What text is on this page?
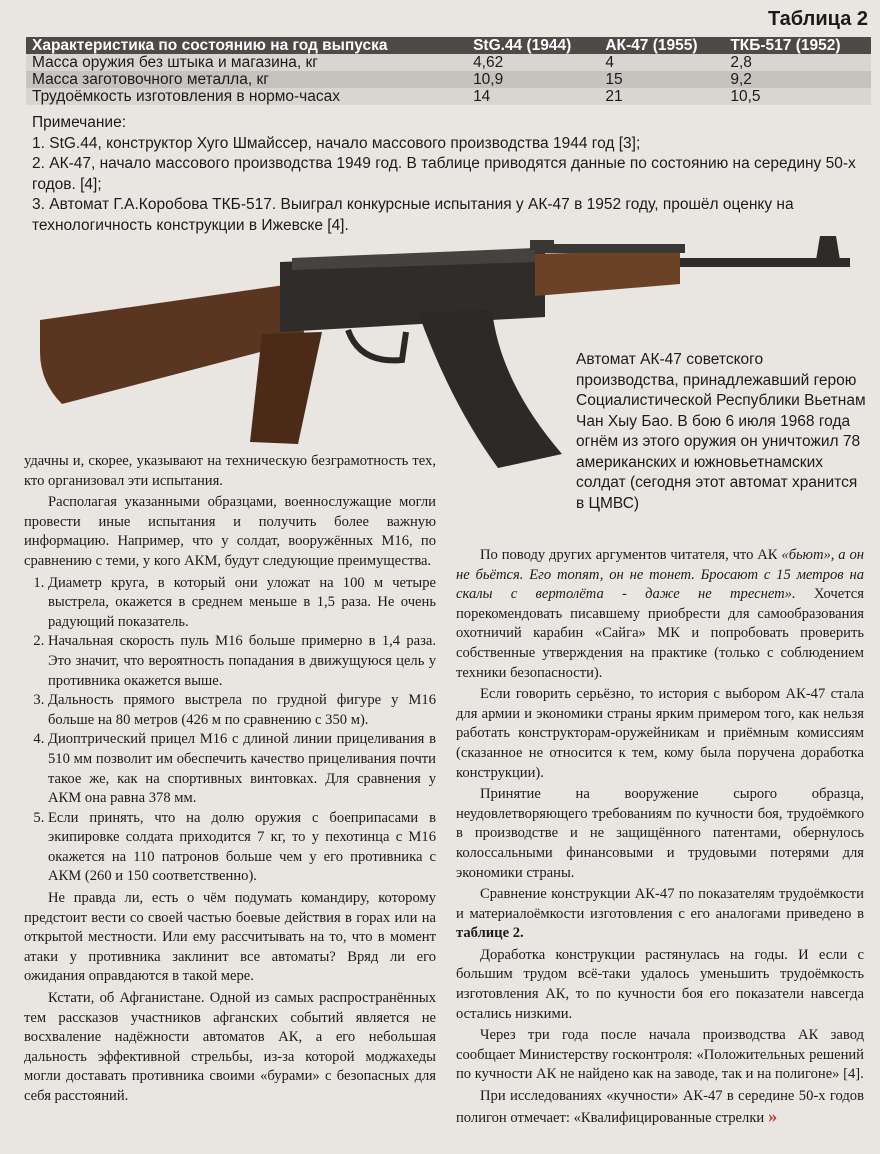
Таблица 2
Характеристика по состоянию на год выпуска	StG.44 (1944)	АК-47 (1955)	ТКБ-517 (1952)
Масса оружия без штыка и магазина, кг	4,62	4	2,8
Масса заготовочного металла, кг	10,9	15	9,2
Трудоёмкость изготовления в нормо-часах	14	21	10,5

Примечание:

1. StG.44, конструктор Хуго Шмайссер, начало массового производства 1944 год [3];

2. АК-47, начало массового производства 1949 год. В таблице приводятся данные по состоянию на середину 50-х годов. [4];

3. Автомат Г.А.Коробова ТКБ-517. Выиграл конкурсные испытания у АК-47 в 1952 году, прошёл оценку на технологичность конструкции в Ижевске [4].

Автомат АК-47 советского производства, принадлежавший герою Социалистической Республики Вьетнам Чан Хыу Бао. В бою 6 июля 1968 года огнём из этого оружия он уничтожил 78 американских и южновьетнамских солдат (сегодня этот автомат хранится в ЦМВС)

удачны и, скорее, указывают на техническую безграмотность тех, кто организовал эти испытания.

Располагая указанными образцами, военнослужащие могли провести иные испытания и получить более важную информацию. Например, что у солдат, вооружённых M16, по сравнению с теми, у кого АКМ, будут следующие преимущества.

1. Диаметр круга, в который они уложат на 100 м четыре выстрела, окажется в среднем меньше в 1,5 раза. Не очень радующий показатель.
2. Начальная скорость пуль M16 больше примерно в 1,4 раза. Это значит, что вероятность попадания в движущуюся цель у противника окажется выше.
3. Дальность прямого выстрела по грудной фигуре у M16 больше на 80 метров (426 м по сравнению с 350 м).
4. Диоптрический прицел M16 с длиной линии прицеливания в 510 мм позволит им обеспечить качество прицеливания почти такое же, как на спортивных винтовках. Для сравнения у АКМ она равна 378 мм.
5. Если принять, что на долю оружия с боеприпасами в экипировке солдата приходится 7 кг, то у пехотинца с M16 окажется на 110 патронов больше чем у его противника с АКМ (260 и 150 соответственно).

Не правда ли, есть о чём подумать командиру, которому предстоит вести со своей частью боевые действия в горах или на открытой местности. Или ему рассчитывать на то, что в момент атаки у противника заклинит все автоматы? Вряд ли его ожидания оправдаются в такой мере.

Кстати, об Афганистане. Одной из самых распространённых тем рассказов участников афганских событий является не восхваление надёжности автоматов АК, а его небольшая дальность эффективной стрельбы, из-за которой моджахеды могли доставать противника своими «бурами» с безопасных для себя расстояний.

По поводу других аргументов читателя, что АК «бьют», а он не бьётся. Его топят, он не тонет. Бросают с 15 метров на скалы с вертолёта - даже не треснет». Хочется порекомендовать писавшему приобрести для самообразования охотничий карабин «Сайга» МК и попробовать проверить собственные утверждения на практике (только с соблюдением техники безопасности).

Если говорить серьёзно, то история с выбором АК-47 стала для армии и экономики страны ярким примером того, как нельзя работать конструкторам-оружейникам и приёмным комиссиям (сказанное не относится к тем, кому была поручена доработка конструкции).

Принятие на вооружение сырого образца, неудовлетворяющего требованиям по кучности боя, трудоёмкого в производстве и не защищённого патентами, обернулось колоссальными финансовыми и трудовыми потерями для экономики страны.

Сравнение конструкции АК-47 по показателям трудоёмкости и материалоёмкости изготовления с его аналогами приведено в таблице 2.

Доработка конструкции растянулась на годы. И если с большим трудом всё-таки удалось уменьшить трудоёмкость изготовления АК, то по кучности боя его показатели навсегда остались низкими.

Через три года после начала производства АК завод сообщает Министерству госконтроля: «Положительных решений по кучности АК не найдено как на заводе, так и на полигоне» [4].

При исследованиях «кучности» АК-47 в середине 50-х годов полигон отмечает: «Квалифицированные стрелки »
